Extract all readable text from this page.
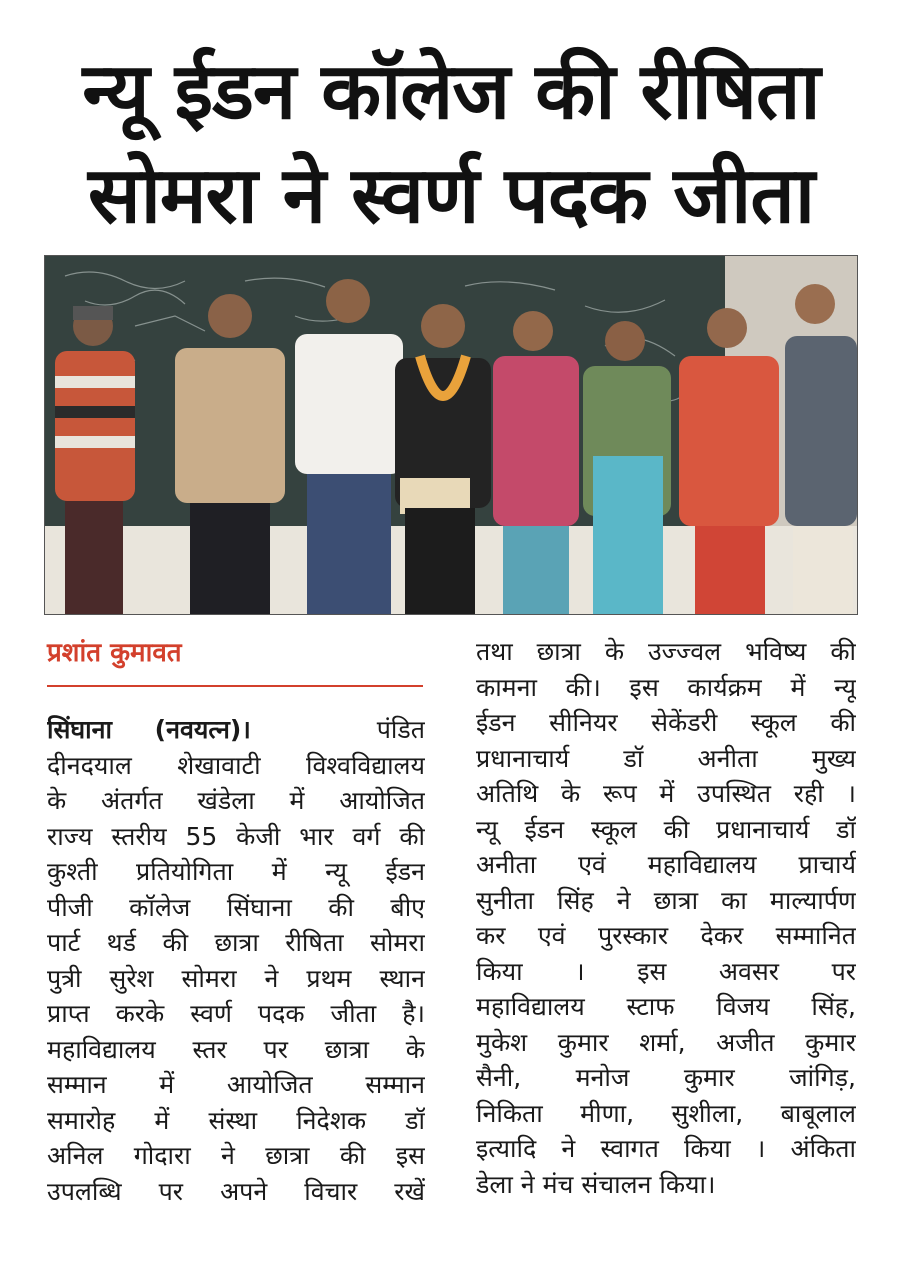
न्यू ईडन कॉलेज की रीषिता
सोमरा ने स्वर्ण पदक जीता
प्रशांत कुमावत
सिंघाना (नवयत्न)।	पंडित
दीनदयाल शेखावाटी विश्वविद्यालय
के अंतर्गत खंडेला में आयोजित
राज्य स्तरीय 55 केजी भार वर्ग की
कुश्ती प्रतियोगिता में न्यू ईडन
पीजी कॉलेज सिंघाना की बीए
पार्ट थर्ड की छात्रा रीषिता सोमरा
पुत्री सुरेश सोमरा ने प्रथम स्थान
प्राप्त करके स्वर्ण पदक जीता है।
महाविद्यालय स्तर पर छात्रा के
सम्मान में आयोजित सम्मान
समारोह में संस्था निदेशक डॉ
अनिल गोदारा ने छात्रा की इस
उपलब्धि पर अपने विचार रखें
तथा छात्रा के उज्ज्वल भविष्य की
कामना की। इस कार्यक्रम में न्यू
ईडन सीनियर सेकेंडरी स्कूल की
प्रधानाचार्य डॉ अनीता मुख्य
अतिथि के रूप में उपस्थित रही ।
न्यू ईडन स्कूल की प्रधानाचार्य डॉ
अनीता एवं महाविद्यालय प्राचार्य
सुनीता सिंह ने छात्रा का माल्यार्पण
कर एवं पुरस्कार देकर सम्मानित
किया । इस अवसर पर
महाविद्यालय स्टाफ विजय सिंह,
मुकेश कुमार शर्मा, अजीत कुमार
सैनी, मनोज कुमार जांगिड़,
निकिता मीणा, सुशीला, बाबूलाल
इत्यादि ने स्वागत किया । अंकिता
डेला ने मंच संचालन किया।
